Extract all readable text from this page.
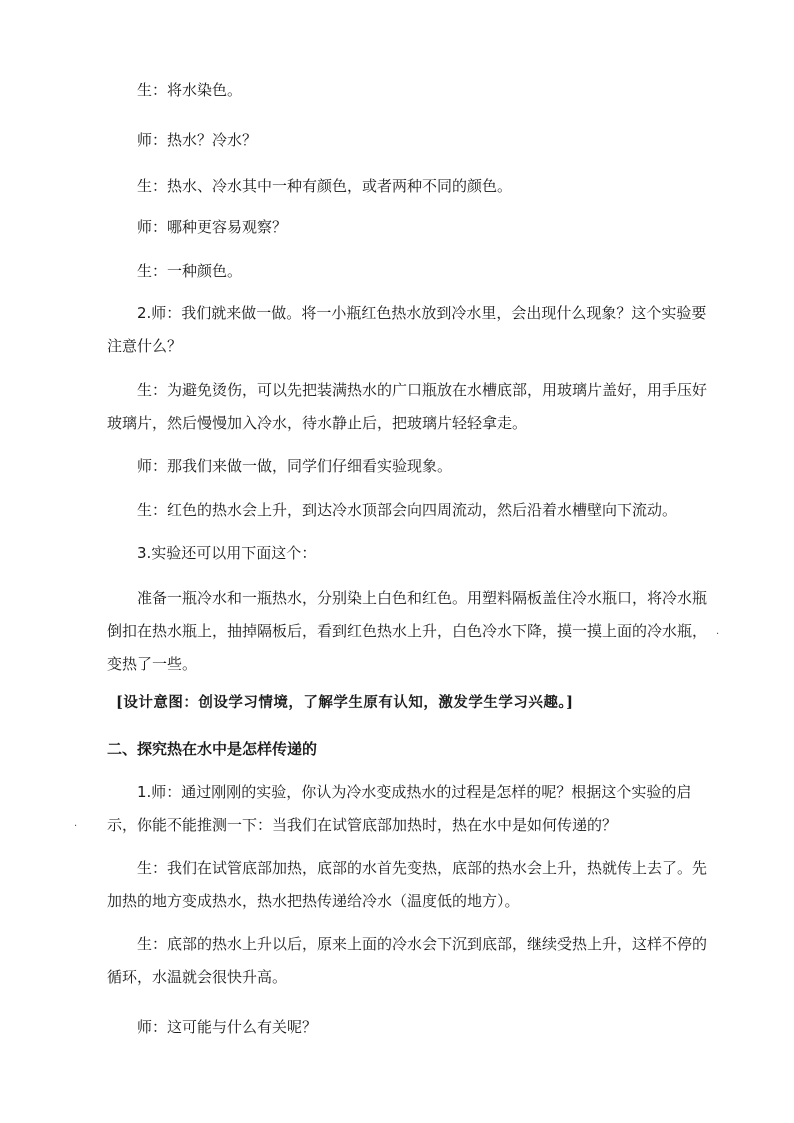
生：将水染色。

师：热水？冷水？

生：热水、冷水其中一种有颜色，或者两种不同的颜色。

师：哪种更容易观察？

生：一种颜色。

2.师：我们就来做一做。将一小瓶红色热水放到冷水里，会出现什么现象？这个实验要注意什么？

生：为避免烫伤，可以先把装满热水的广口瓶放在水槽底部，用玻璃片盖好，用手压好玻璃片，然后慢慢加入冷水，待水静止后，把玻璃片轻轻拿走。

师：那我们来做一做，同学们仔细看实验现象。

生：红色的热水会上升，到达冷水顶部会向四周流动，然后沿着水槽壁向下流动。

3.实验还可以用下面这个：

准备一瓶冷水和一瓶热水，分别染上白色和红色。用塑料隔板盖住冷水瓶口，将冷水瓶倒扣在热水瓶上，抽掉隔板后，看到红色热水上升，白色冷水下降，摸一摸上面的冷水瓶，变热了一些。

[设计意图：创设学习情境，了解学生原有认知，激发学生学习兴趣。]

二、探究热在水中是怎样传递的

1.师：通过刚刚的实验，你认为冷水变成热水的过程是怎样的呢？根据这个实验的启示，你能不能推测一下：当我们在试管底部加热时，热在水中是如何传递的？

生：我们在试管底部加热，底部的水首先变热，底部的热水会上升，热就传上去了。先加热的地方变成热水，热水把热传递给冷水（温度低的地方）。

生：底部的热水上升以后，原来上面的冷水会下沉到底部，继续受热上升，这样不停的循环，水温就会很快升高。

师：这可能与什么有关呢？

.
.
